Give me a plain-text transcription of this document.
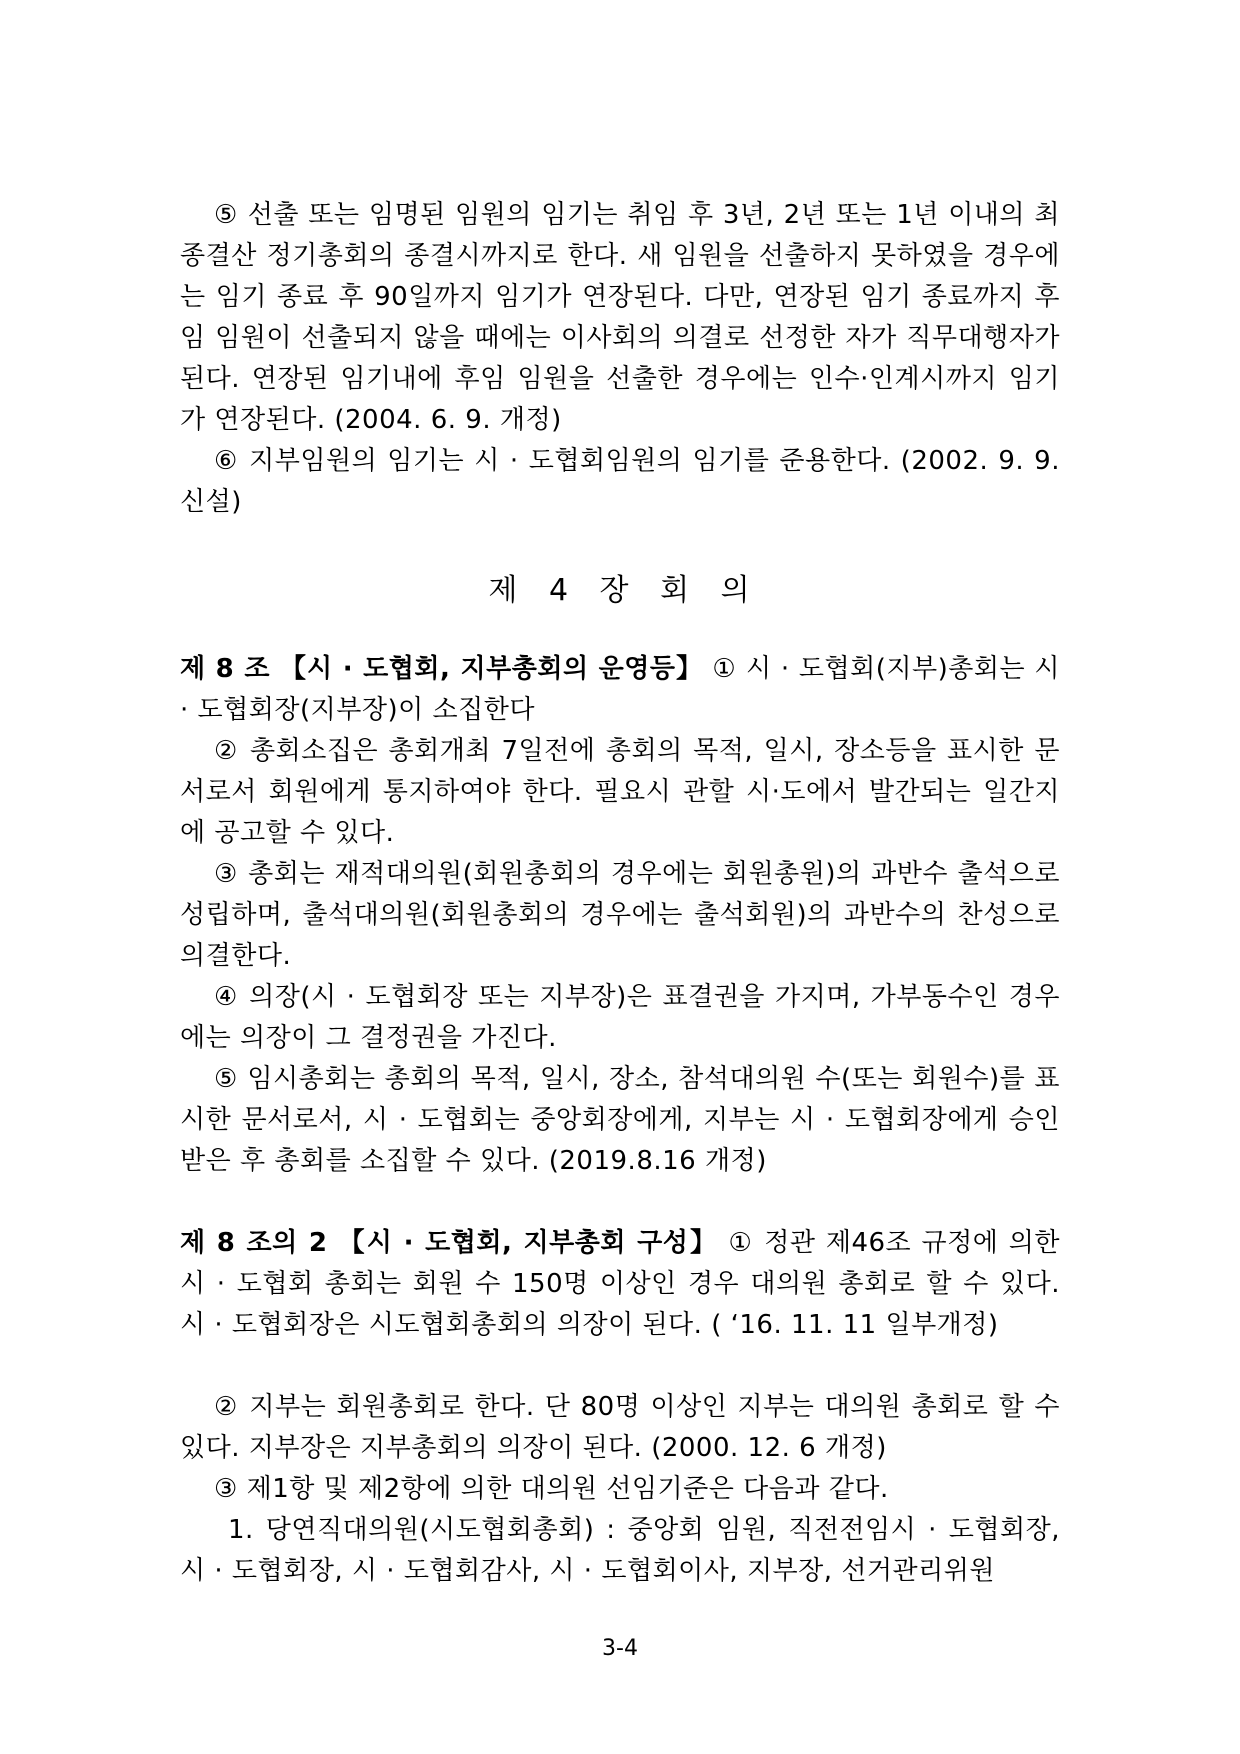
⑤ 선출 또는 임명된 임원의 임기는 취임 후 3년, 2년 또는 1년 이내의 최종결산 정기총회의 종결시까지로 한다. 새 임원을 선출하지 못하였을 경우에는 임기 종료 후 90일까지 임기가 연장된다. 다만, 연장된 임기 종료까지 후임 임원이 선출되지 않을 때에는 이사회의 의결로 선정한 자가 직무대행자가 된다. 연장된 임기내에 후임 임원을 선출한 경우에는 인수·인계시까지 임기가 연장된다. (2004. 6. 9. 개정)

⑥ 지부임원의 임기는 시 · 도협회임원의 임기를 준용한다. (2002. 9. 9. 신설)

제 4 장 회 의

제 8 조 【시 · 도협회, 지부총회의 운영등】 ① 시 · 도협회(지부)총회는 시 · 도협회장(지부장)이 소집한다

② 총회소집은 총회개최 7일전에 총회의 목적, 일시, 장소등을 표시한 문서로서 회원에게 통지하여야 한다. 필요시 관할 시·도에서 발간되는 일간지에 공고할 수 있다.

③ 총회는 재적대의원(회원총회의 경우에는 회원총원)의 과반수 출석으로 성립하며, 출석대의원(회원총회의 경우에는 출석회원)의 과반수의 찬성으로 의결한다.

④ 의장(시 · 도협회장 또는 지부장)은 표결권을 가지며, 가부동수인 경우에는 의장이 그 결정권을 가진다.

⑤ 임시총회는 총회의 목적, 일시, 장소, 참석대의원 수(또는 회원수)를 표시한 문서로서, 시 · 도협회는 중앙회장에게, 지부는 시 · 도협회장에게 승인 받은 후 총회를 소집할 수 있다. (2019.8.16 개정)

제 8 조의 2 【시 · 도협회, 지부총회 구성】 ① 정관 제46조 규정에 의한 시 · 도협회 총회는 회원 수 150명 이상인 경우 대의원 총회로 할 수 있다. 시 · 도협회장은 시도협회총회의 의장이 된다. ( ‘16. 11. 11 일부개정)

② 지부는 회원총회로 한다. 단 80명 이상인 지부는 대의원 총회로 할 수 있다. 지부장은 지부총회의 의장이 된다. (2000. 12. 6 개정)

③ 제1항 및 제2항에 의한 대의원 선임기준은 다음과 같다.

1. 당연직대의원(시도협회총회) : 중앙회 임원, 직전전임시 · 도협회장, 시 · 도협회장, 시 · 도협회감사, 시 · 도협회이사, 지부장, 선거관리위원

3-4
